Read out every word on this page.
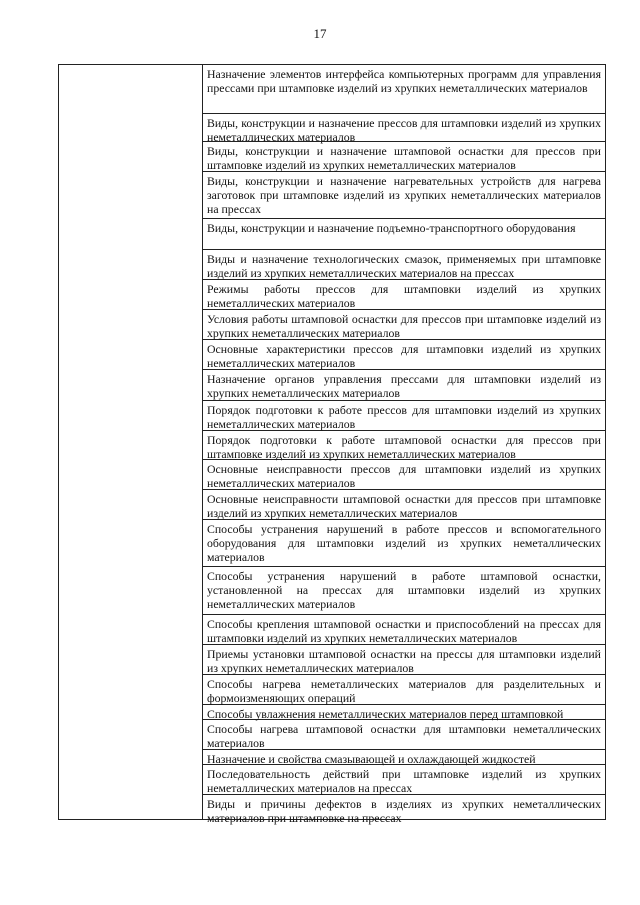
17
Назначение элементов интерфейса компьютерных программ для управления прессами при штамповке изделий из хрупких неметаллических материалов
Виды, конструкции и назначение прессов для штамповки изделий из хрупких неметаллических материалов
Виды, конструкции и назначение штамповой оснастки для прессов при штамповке изделий из хрупких неметаллических материалов
Виды, конструкции и назначение нагревательных устройств для нагрева заготовок при штамповке изделий из хрупких неметаллических материалов на прессах
Виды, конструкции и назначение подъемно-транспортного оборудования
Виды и назначение технологических смазок, применяемых при штамповке изделий из хрупких неметаллических материалов на прессах
Режимы работы прессов для штамповки изделий из хрупких неметаллических материалов
Условия работы штамповой оснастки для прессов при штамповке изделий из хрупких неметаллических материалов
Основные характеристики прессов для штамповки изделий из хрупких неметаллических материалов
Назначение органов управления прессами для штамповки изделий из хрупких неметаллических материалов
Порядок подготовки к работе прессов для штамповки изделий из хрупких неметаллических материалов
Порядок подготовки к работе штамповой оснастки для прессов при штамповке изделий из хрупких неметаллических материалов
Основные неисправности прессов для штамповки изделий из хрупких неметаллических материалов
Основные неисправности штамповой оснастки для прессов при штамповке изделий из хрупких неметаллических материалов
Способы устранения нарушений в работе прессов и вспомогательного оборудования для штамповки изделий из хрупких неметаллических материалов
Способы устранения нарушений в работе штамповой оснастки, установленной на прессах для штамповки изделий из хрупких неметаллических материалов
Способы крепления штамповой оснастки и приспособлений на прессах для штамповки изделий из хрупких неметаллических материалов
Приемы установки штамповой оснастки на прессы для штамповки изделий из хрупких неметаллических материалов
Способы нагрева неметаллических материалов для разделительных и формоизменяющих операций
Способы увлажнения неметаллических материалов перед штамповкой
Способы нагрева штамповой оснастки для штамповки неметаллических материалов
Назначение и свойства смазывающей и охлаждающей жидкостей
Последовательность действий при штамповке изделий из хрупких неметаллических материалов на прессах
Виды и причины дефектов в изделиях из хрупких неметаллических материалов при штамповке на прессах
